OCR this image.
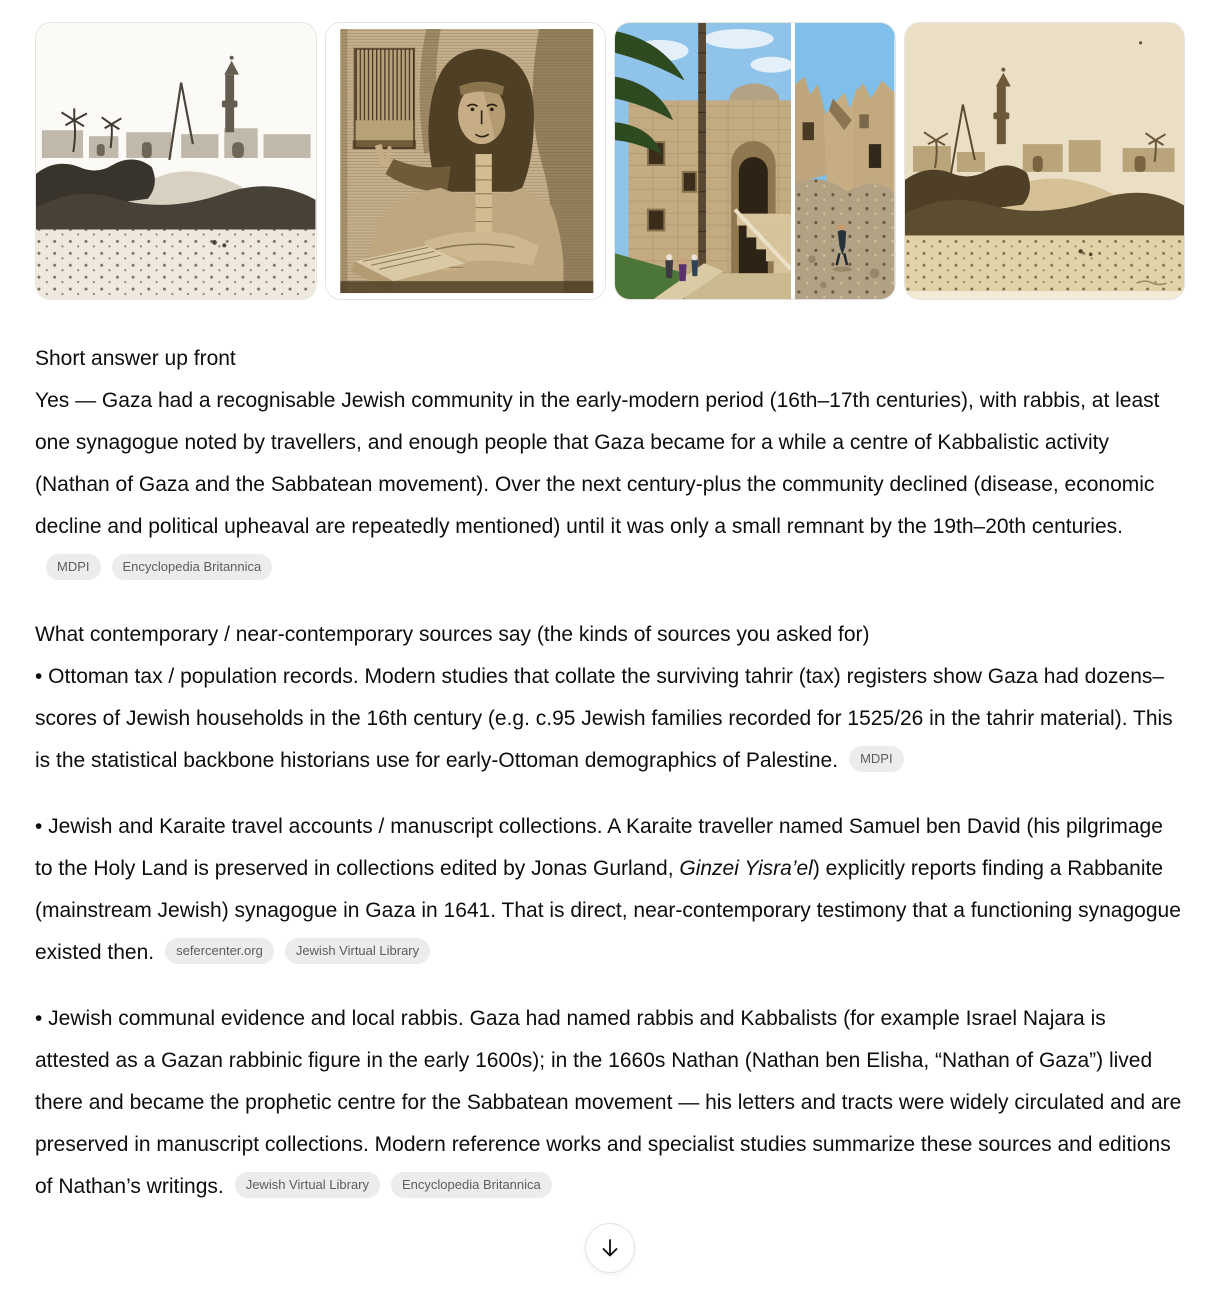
Short answer up front
Yes — Gaza had a recognisable Jewish community in the early-modern period (16th–17th centuries), with rabbis, at least one synagogue noted by travellers, and enough people that Gaza became for a while a centre of Kabbalistic activity (Nathan of Gaza and the Sabbatean movement). Over the next century-plus the community declined (disease, economic decline and political upheaval are repeatedly mentioned) until it was only a small remnant by the 19th–20th centuries.MDPI	Encyclopedia Britannica
What contemporary / near-contemporary sources say (the kinds of sources you asked for)
• Ottoman tax / population records. Modern studies that collate the surviving tahrir (tax) registers show Gaza had dozens–scores of Jewish households in the 16th century (e.g. c.95 Jewish families recorded for 1525/26 in the tahrir material). This is the statistical backbone historians use for early-Ottoman demographics of Palestine. MDPI
• Jewish and Karaite travel accounts / manuscript collections. A Karaite traveller named Samuel ben David (his pilgrimage to the Holy Land is preserved in collections edited by Jonas Gurland, Ginzei Yisra’el) explicitly reports finding a Rabbanite (mainstream Jewish) synagogue in Gaza in 1641. That is direct, near-contemporary testimony that a functioning synagogue existed then. sefercenter.org	Jewish Virtual Library
• Jewish communal evidence and local rabbis. Gaza had named rabbis and Kabbalists (for example Israel Najara is attested as a Gazan rabbinic figure in the early 1600s); in the 1660s Nathan (Nathan ben Elisha, “Nathan of Gaza”) lived there and became the prophetic centre for the Sabbatean movement — his letters and tracts were widely circulated and are preserved in manuscript collections. Modern reference works and specialist studies summarize these sources and editions of Nathan’s writings. Jewish Virtual Library	Encyclopedia Britannica
